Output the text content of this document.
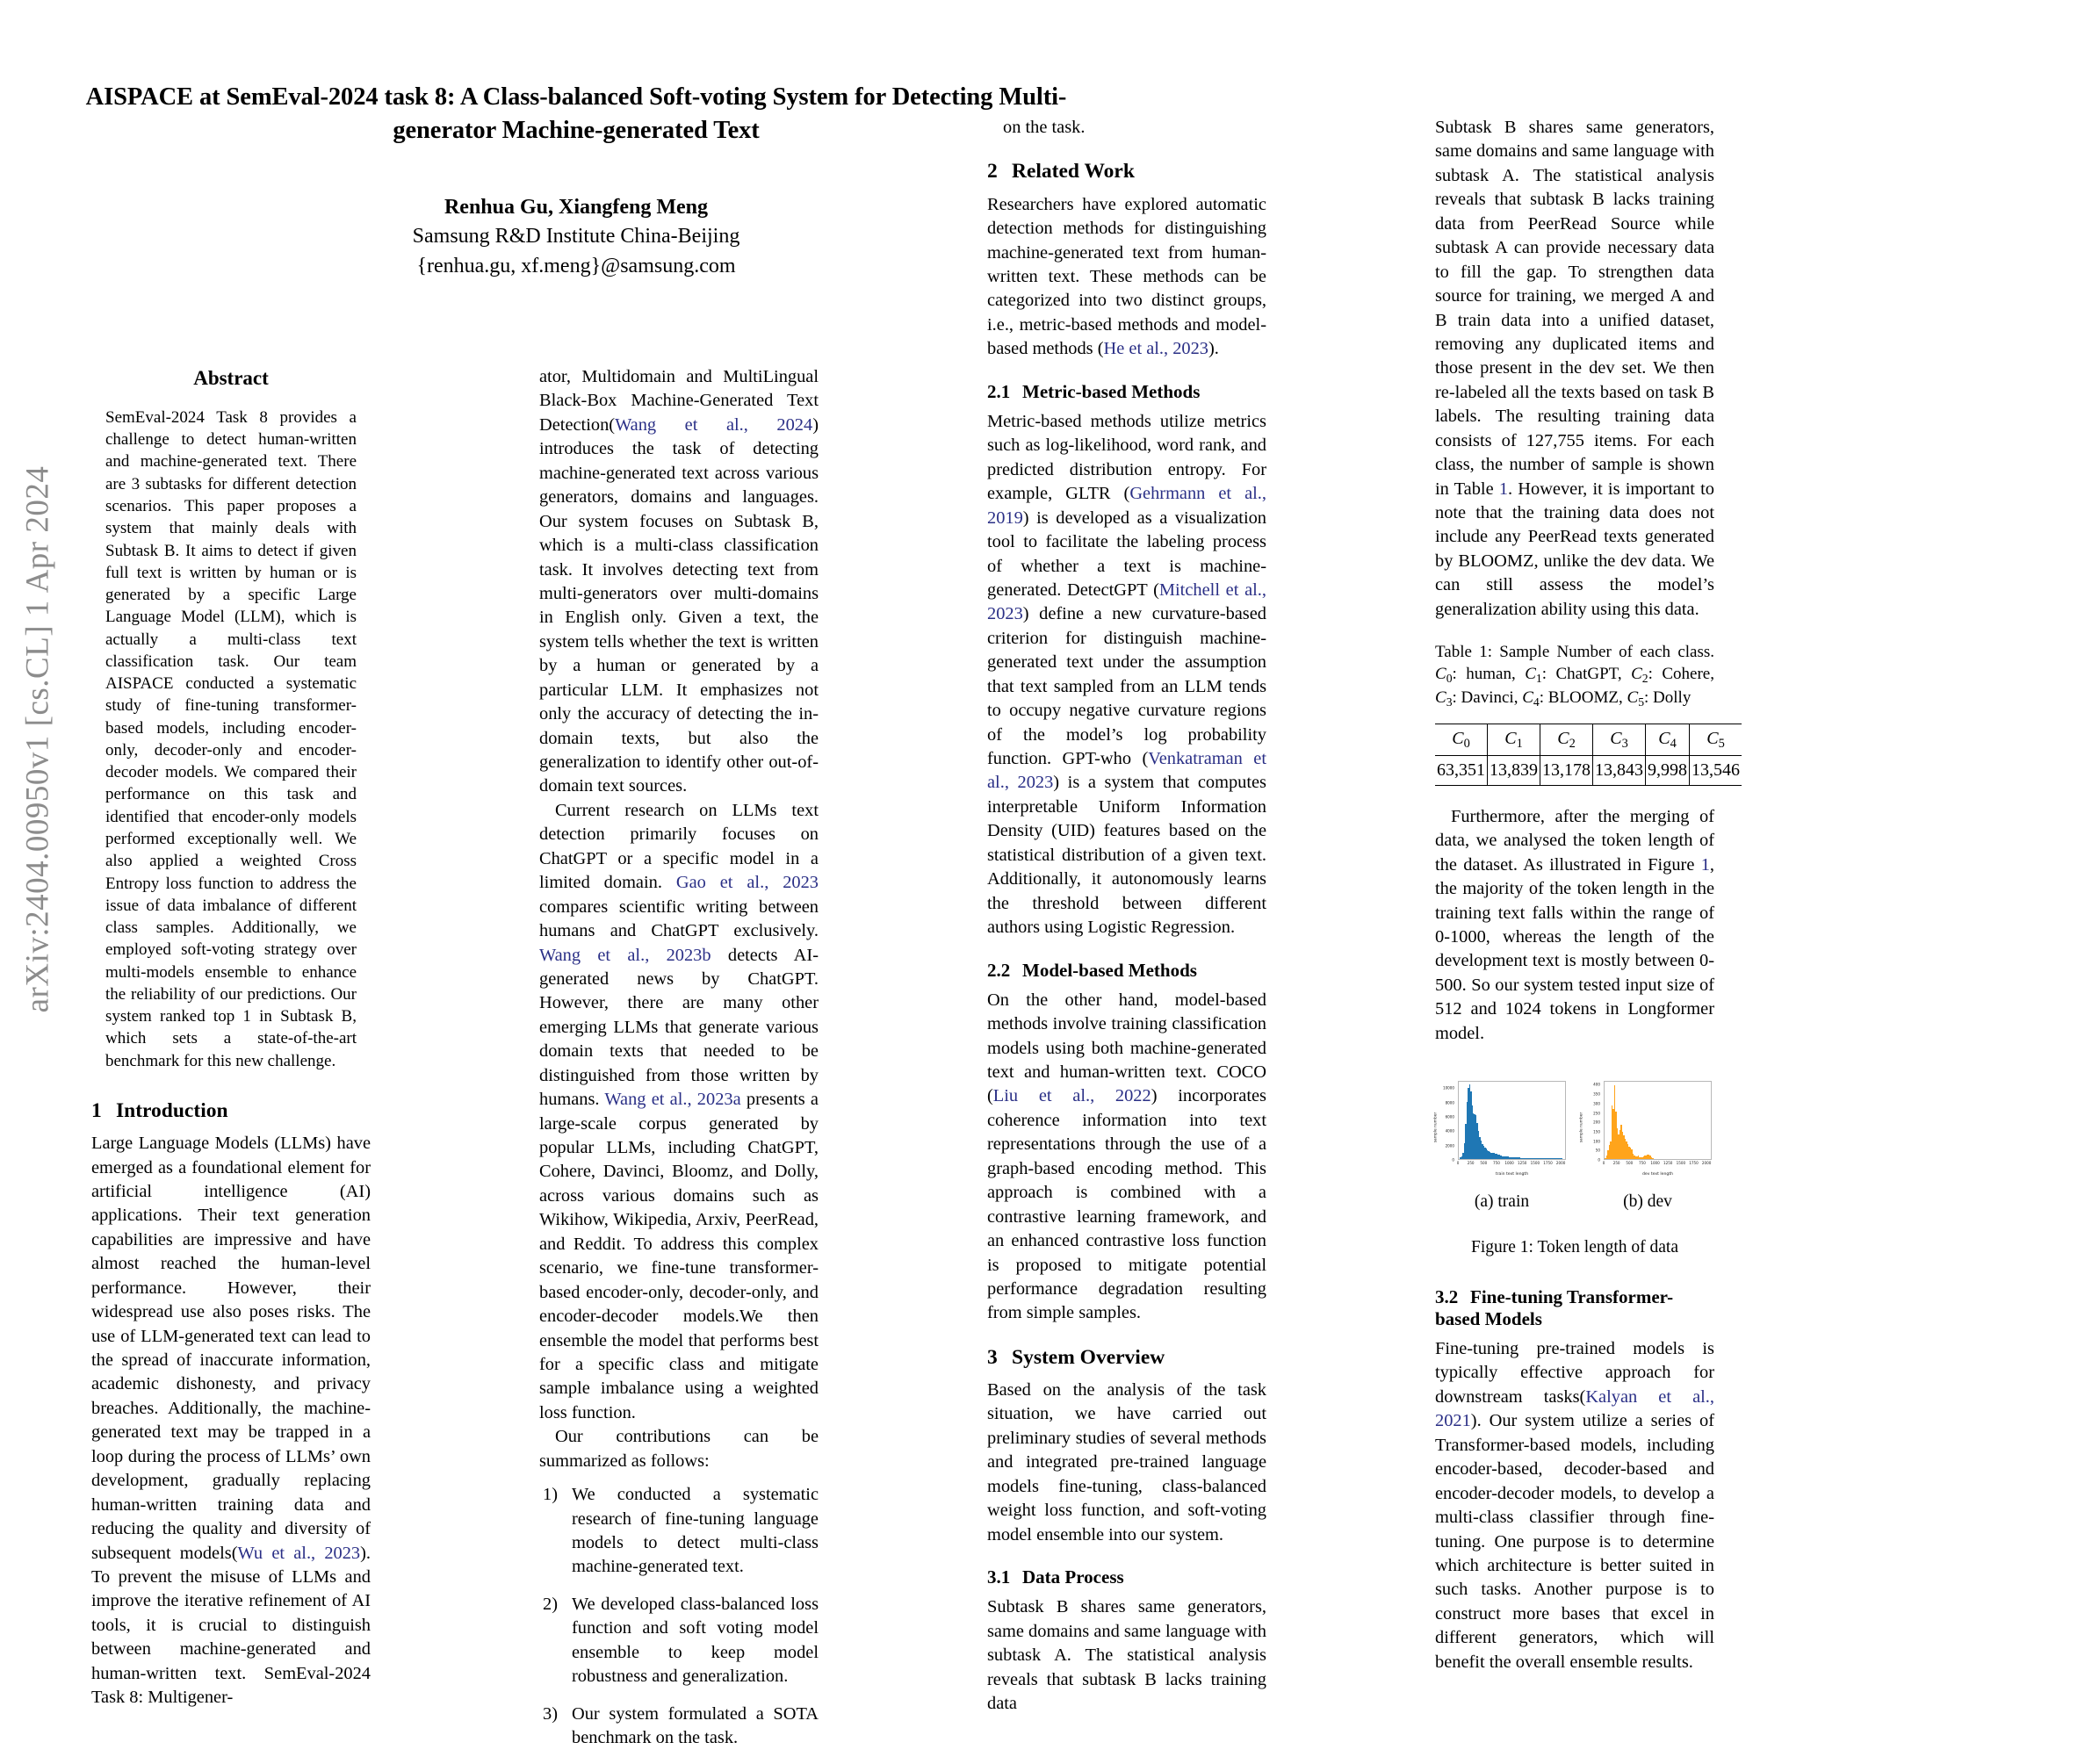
arXiv:2404.00950v1 [cs.CL] 1 Apr 2024
AISPACE at SemEval-2024 task 8: A Class-balanced Soft-voting System for Detecting Multi-generator Machine-generated Text
Renhua Gu, Xiangfeng Meng
Samsung R&D Institute China-Beijing
{renhua.gu, xf.meng}@samsung.com
Abstract
SemEval-2024 Task 8 provides a challenge to detect human-written and machine-generated text. There are 3 subtasks for different detection scenarios. This paper proposes a system that mainly deals with Subtask B. It aims to detect if given full text is written by human or is generated by a specific Large Language Model (LLM), which is actually a multi-class text classification task. Our team AISPACE conducted a systematic study of fine-tuning transformer-based models, including encoder-only, decoder-only and encoder-decoder models. We compared their performance on this task and identified that encoder-only models performed exceptionally well. We also applied a weighted Cross Entropy loss function to address the issue of data imbalance of different class samples. Additionally, we employed soft-voting strategy over multi-models ensemble to enhance the reliability of our predictions. Our system ranked top 1 in Subtask B, which sets a state-of-the-art benchmark for this new challenge.
1 Introduction

Large Language Models (LLMs) have emerged as a foundational element for artificial intelligence (AI) applications. Their text generation capabilities are impressive and have almost reached the human-level performance. However, their widespread use also poses risks. The use of LLM-generated text can lead to the spread of inaccurate information, academic dishonesty, and privacy breaches. Additionally, the machine-generated text may be trapped in a loop during the process of LLMs’ own development, gradually replacing human-written training data and reducing the quality and diversity of subsequent models(Wu et al., 2023). To prevent the misuse of LLMs and improve the iterative refinement of AI tools, it is crucial to distinguish between machine-generated and human-written text. SemEval-2024 Task 8: Multigener-

ator, Multidomain and MultiLingual Black-Box Machine-Generated Text Detection(Wang et al., 2024) introduces the task of detecting machine-generated text across various generators, domains and languages. Our system focuses on Subtask B, which is a multi-class classification task. It involves detecting text from multi-generators over multi-domains in English only. Given a text, the system tells whether the text is written by a human or generated by a particular LLM. It emphasizes not only the accuracy of detecting the in-domain texts, but also the generalization to identify other out-of-domain text sources.

Current research on LLMs text detection primarily focuses on ChatGPT or a specific model in a limited domain. Gao et al., 2023 compares scientific writing between humans and ChatGPT exclusively. Wang et al., 2023b detects AI-generated news by ChatGPT. However, there are many other emerging LLMs that generate various domain texts that needed to be distinguished from those written by humans. Wang et al., 2023a presents a large-scale corpus generated by popular LLMs, including ChatGPT, Cohere, Davinci, Bloomz, and Dolly, across various domains such as Wikihow, Wikipedia, Arxiv, PeerRead, and Reddit. To address this complex scenario, we fine-tune transformer-based encoder-only, decoder-only, and encoder-decoder models.We then ensemble the model that performs best for a specific class and mitigate sample imbalance using a weighted loss function.

Our contributions can be summarized as follows:

1) We conducted a systematic research of fine-tuning language models to detect multi-class machine-generated text.
2) We developed class-balanced loss function and soft voting model ensemble to keep model robustness and generalization.
3) Our system formulated a SOTA benchmark on the task.

on the task.

2 Related Work

Researchers have explored automatic detection methods for distinguishing machine-generated text from human-written text. These methods can be categorized into two distinct groups, i.e., metric-based methods and model-based methods (He et al., 2023).

2.1 Metric-based Methods

Metric-based methods utilize metrics such as log-likelihood, word rank, and predicted distribution entropy. For example, GLTR (Gehrmann et al., 2019) is developed as a visualization tool to facilitate the labeling process of whether a text is machine-generated. DetectGPT (Mitchell et al., 2023) define a new curvature-based criterion for distinguish machine-generated text under the assumption that text sampled from an LLM tends to occupy negative curvature regions of the model’s log probability function. GPT-who (Venkatraman et al., 2023) is a system that computes interpretable Uniform Information Density (UID) features based on the statistical distribution of a given text. Additionally, it autonomously learns the threshold between different authors using Logistic Regression.

2.2 Model-based Methods

On the other hand, model-based methods involve training classification models using both machine-generated text and human-written text. COCO (Liu et al., 2022) incorporates coherence information into text representations through the use of a graph-based encoding method. This approach is combined with a contrastive learning framework, and an enhanced contrastive loss function is proposed to mitigate potential performance degradation resulting from simple samples.

3 System Overview

Based on the analysis of the task situation, we have carried out preliminary studies of several methods and integrated pre-trained language models fine-tuning, class-balanced weight loss function, and soft-voting model ensemble into our system.

3.1 Data Process

Subtask B shares same generators, same domains and same language with subtask A. The statistical analysis reveals that subtask B lacks training data

Subtask B shares same generators, same domains and same language with subtask A. The statistical analysis reveals that subtask B lacks training data from PeerRead Source while subtask A can provide necessary data to fill the gap. To strengthen data source for training, we merged A and B train data into a unified dataset, removing any duplicated items and those present in the dev set. We then re-labeled all the texts based on task B labels. The resulting training data consists of 127,755 items. For each class, the number of sample is shown in Table 1. However, it is important to note that the training data does not include any PeerRead texts generated by BLOOMZ, unlike the dev data. We can still assess the model’s generalization ability using this data.

Table 1: Sample Number of each class. $C_0$: human, $C_1$: ChatGPT, $C_2$: Cohere, $C_3$: Davinci, $C_4$: BLOOMZ, $C_5$: Dolly
$C_0$	$C_1$	$C_2$	$C_3$	$C_4$	$C_5$
63,351	13,839	13,178	13,843	9,998	13,546

Furthermore, after the merging of data, we analysed the token length of the dataset. As illustrated in Figure 1, the majority of the token length in the training text falls within the range of 0-1000, whereas the length of the development text is mostly between 0-500. So our system tested input size of 512 and 1024 tokens in Longformer model.

sample number
0
2000
4000
6000
8000
10000
0 250 500 750 1000 1250 1500 1750 2000
train text length
(a) train
sample number
0
50
100
150
200
250
300
350
400
0 250 500 750 1000 1250 1500 1750 2000
dev text length
(b) dev
Figure 1: Token length of data
3.2 Fine-tuning Transformer-based Models

Fine-tuning pre-trained models is typically effective approach for downstream tasks(Kalyan et al., 2021). Our system utilize a series of Transformer-based models, including encoder-based, decoder-based and encoder-decoder models, to develop a multi-class classifier through fine-tuning. One purpose is to determine which architecture is better suited in such tasks. Another purpose is to construct more bases that excel in different generators, which will benefit the overall ensemble results.
